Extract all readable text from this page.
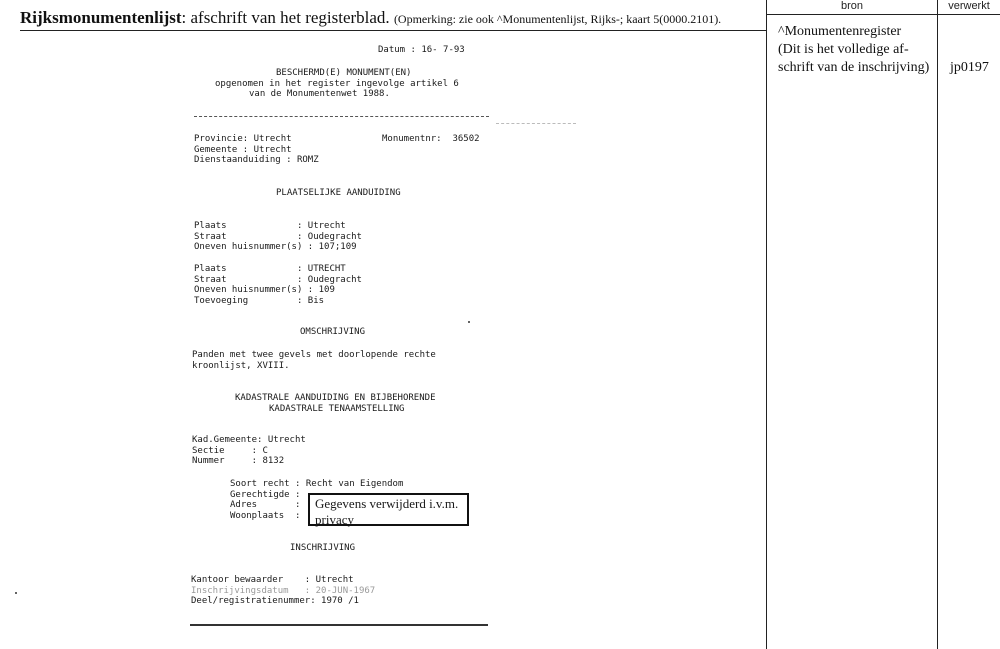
Rijksmonumentenlijst: afschrift van het registerblad. (Opmerking: zie ook ^Monumentenlijst, Rijks-; kaart 5(0000.2101).
bron	verwerkt
^Monumentenregister
(Dit is het volledige af-
schrift van de inschrijving)	jp0197
Datum : 16- 7-93
BESCHERMD(E) MONUMENT(EN)
opgenomen in het register ingevolge artikel 6
van de Monumentenwet 1988.
Provincie: Utrecht	Monumentnr:  36502
Gemeente : Utrecht
Dienstaanduiding : ROMZ
PLAATSELIJKE AANDUIDING
Plaats             : Utrecht
Straat             : Oudegracht
Oneven huisnummer(s) : 107;109
Plaats             : UTRECHT
Straat             : Oudegracht
Oneven huisnummer(s) : 109
Toevoeging         : Bis
OMSCHRIJVING
Panden met twee gevels met doorlopende rechte
kroonlijst, XVIII.
KADASTRALE AANDUIDING EN BIJBEHORENDE
KADASTRALE TENAAMSTELLING
Kad.Gemeente: Utrecht
Sectie     : C
Nummer     : 8132
Soort recht : Recht van Eigendom
Gerechtigde :
Adres       :
Woonplaats  :
Gegevens verwijderd i.v.m. privacy
INSCHRIJVING
Kantoor bewaarder    : Utrecht
Inschrijvingsdatum   : 20-JUN-1967
Deel/registratienummer: 1970 /1
